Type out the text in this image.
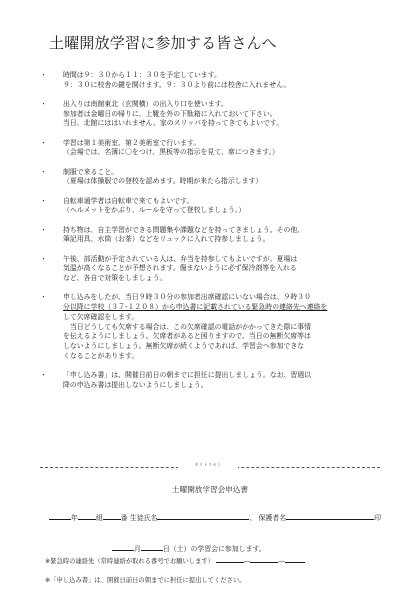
土曜開放学習に参加する皆さんへ
・	時間は９：３０から１１：３０を予定しています。
９：３０に校舎の鍵を開けます。９：３０より前には校舎に入れません。
・	出入りは南館東北（玄関横）の出入り口を使います。
参加者は金曜日の帰りに、上靴を外の下駄箱に入れておいて下さい。
当日、北館にははいれません。家のスリッパを持ってきてもよいです。
・	学習は第１美術室、第２美術室で行います。
（会場では、名簿に〇をつけ、黒板等の指示を見て、席につきます。）
・	制服で来ること。
（夏場は体操服での登校を認めます。時期が来たら指示します）
・	自転車通学者は自転車で来てもよいです。
（ヘルメットをかぶり、ルールを守って登校しましょう。）
・	持ち物は、自主学習ができる問題集や課題などを持ってきましょう。その他、
筆記用具、水筒（お茶）などをリュックに入れて持参しましょう。
・	午後、部活動が予定されている人は、弁当を持参してもよいですが、夏場は
気温が高くなることが予想されます。傷まないように必ず保冷剤等を入れる
など、各自で対策をしましょう。
・	申し込みをしたが、当日９時３０分の参加者出席確認にいない場合は、９時３０
分以降に学校（３７-１２０８）から申込書に記載されている緊急時の連絡先へ連絡を
して欠席確認をします。
　当日どうしても欠席する場合は、この欠席確認の電話がかかってきた際に事情
を伝えるようにしましょう。欠席者があると困りますので、当日の無断欠席等は
しないようにしましょう。無断欠席が続くようであれば、学習会へ参加できな
くなることがあります。
・	「申し込み書」は、開催日前日の朝までに担任に提出しましょう。なお、習週以
降の申込み書は提出しないようにしましょう。
キリトリセン
土曜開放学習会申込書
年	組	番 生徒氏名	、 保護者名	印
月	日（土）の学習会に参加します。
※緊急時の連絡先（常時連絡が取れる番号でお願いします）	―	―
※「申し込み書」は、開催日前日の朝までに担任に提出してください。
